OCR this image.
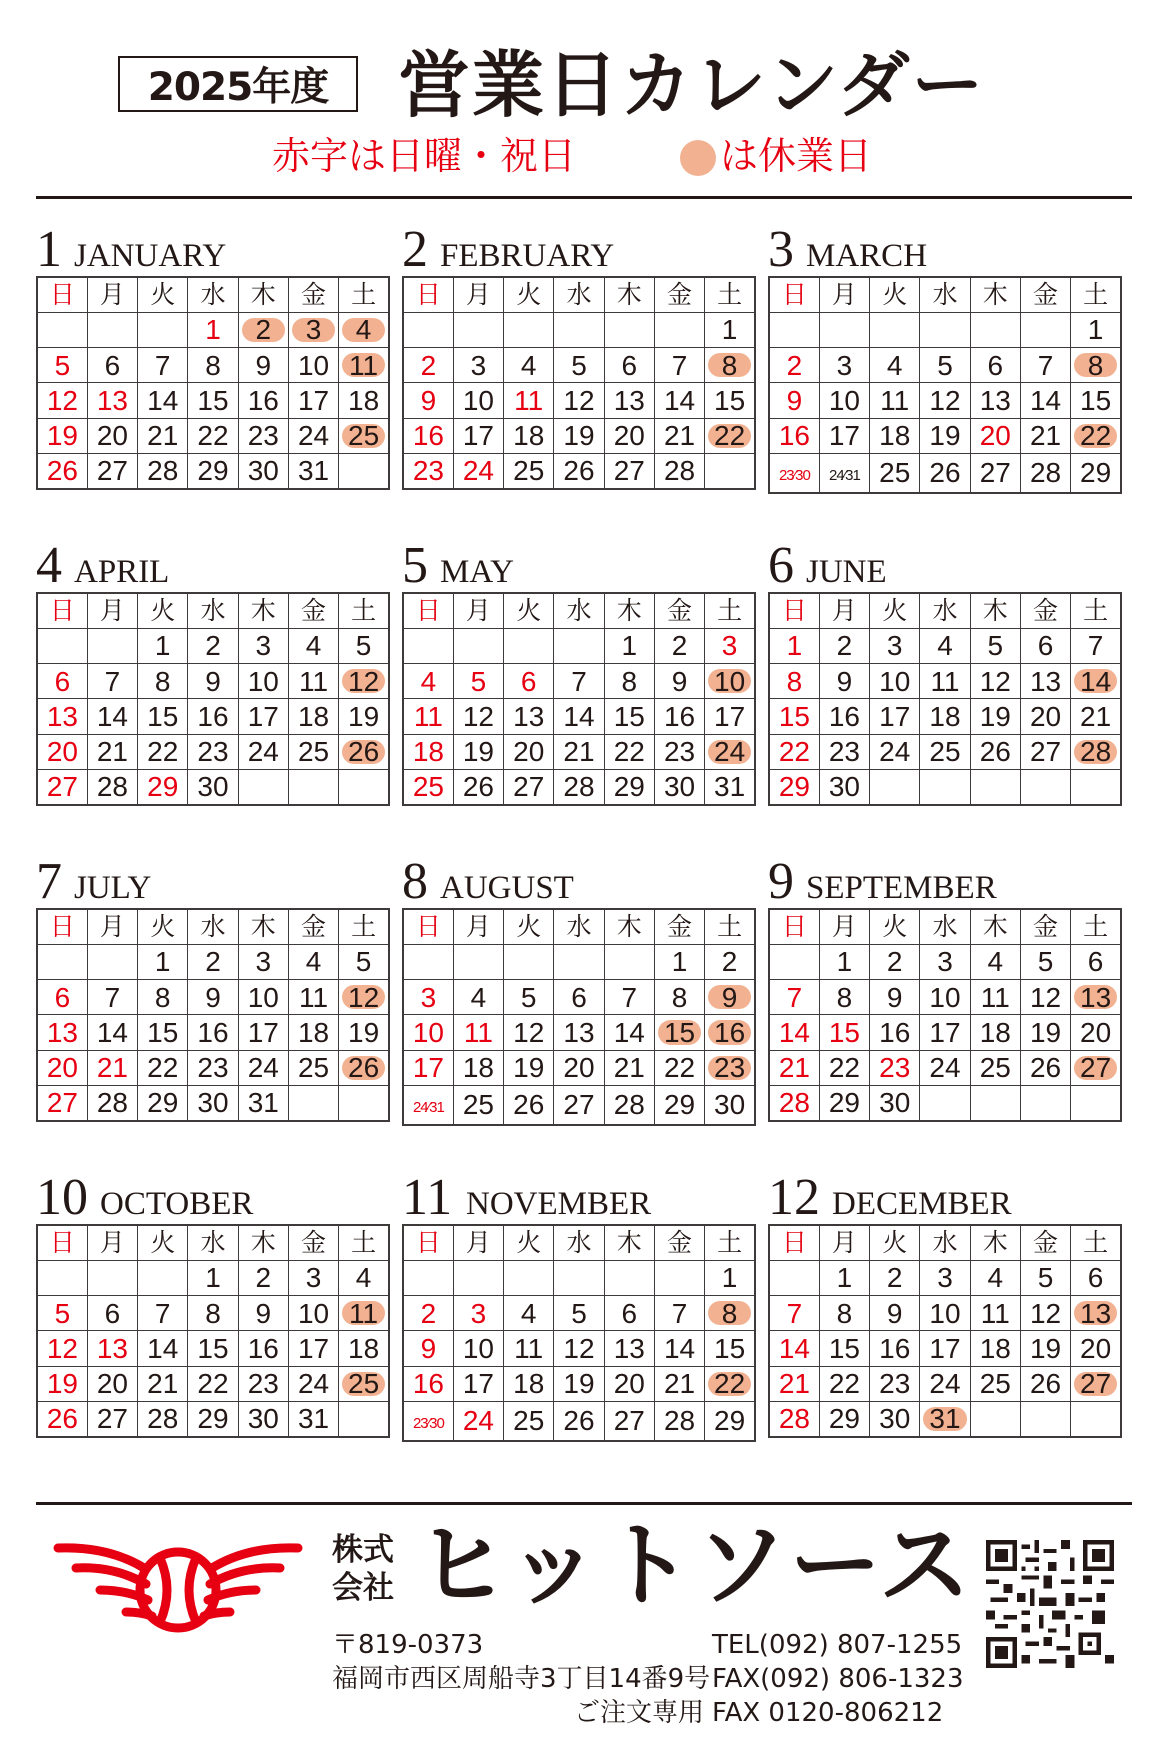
2025年度 営業日カレンダー
赤字は日曜・祝日	は休業日
1 JANUARY
日	月	火	水	木	金	土
			1	2	3	4
5	6	7	8	9	10	11
12	13	14	15	16	17	18
19	20	21	22	23	24	25
26	27	28	29	30	31	
2 FEBRUARY
日	月	火	水	木	金	土
						1
2	3	4	5	6	7	8
9	10	11	12	13	14	15
16	17	18	19	20	21	22
23	24	25	26	27	28	
3 MARCH
日	月	火	水	木	金	土
						1
2	3	4	5	6	7	8
9	10	11	12	13	14	15
16	17	18	19	20	21	22
23⁄30	24⁄31	25	26	27	28	29
4 APRIL
日	月	火	水	木	金	土
		1	2	3	4	5
6	7	8	9	10	11	12
13	14	15	16	17	18	19
20	21	22	23	24	25	26
27	28	29	30			
5 MAY
日	月	火	水	木	金	土
				1	2	3
4	5	6	7	8	9	10
11	12	13	14	15	16	17
18	19	20	21	22	23	24
25	26	27	28	29	30	31
6 JUNE
日	月	火	水	木	金	土
1	2	3	4	5	6	7
8	9	10	11	12	13	14
15	16	17	18	19	20	21
22	23	24	25	26	27	28
29	30					
7 JULY
日	月	火	水	木	金	土
		1	2	3	4	5
6	7	8	9	10	11	12
13	14	15	16	17	18	19
20	21	22	23	24	25	26
27	28	29	30	31		
8 AUGUST
日	月	火	水	木	金	土
					1	2
3	4	5	6	7	8	9
10	11	12	13	14	15	16
17	18	19	20	21	22	23
24⁄31	25	26	27	28	29	30
9 SEPTEMBER
日	月	火	水	木	金	土
	1	2	3	4	5	6
7	8	9	10	11	12	13
14	15	16	17	18	19	20
21	22	23	24	25	26	27
28	29	30				
10 OCTOBER
日	月	火	水	木	金	土
			1	2	3	4
5	6	7	8	9	10	11
12	13	14	15	16	17	18
19	20	21	22	23	24	25
26	27	28	29	30	31	
11 NOVEMBER
日	月	火	水	木	金	土
						1
2	3	4	5	6	7	8
9	10	11	12	13	14	15
16	17	18	19	20	21	22
23⁄30	24	25	26	27	28	29
12 DECEMBER
日	月	火	水	木	金	土
	1	2	3	4	5	6
7	8	9	10	11	12	13
14	15	16	17	18	19	20
21	22	23	24	25	26	27
28	29	30	31			
株式
会社 ヒットソース
〒819-0373
福岡市西区周船寺3丁目14番9号
ご注文専用
TEL(092) 807-1255
FAX(092) 806-1323
FAX 0120-806212
